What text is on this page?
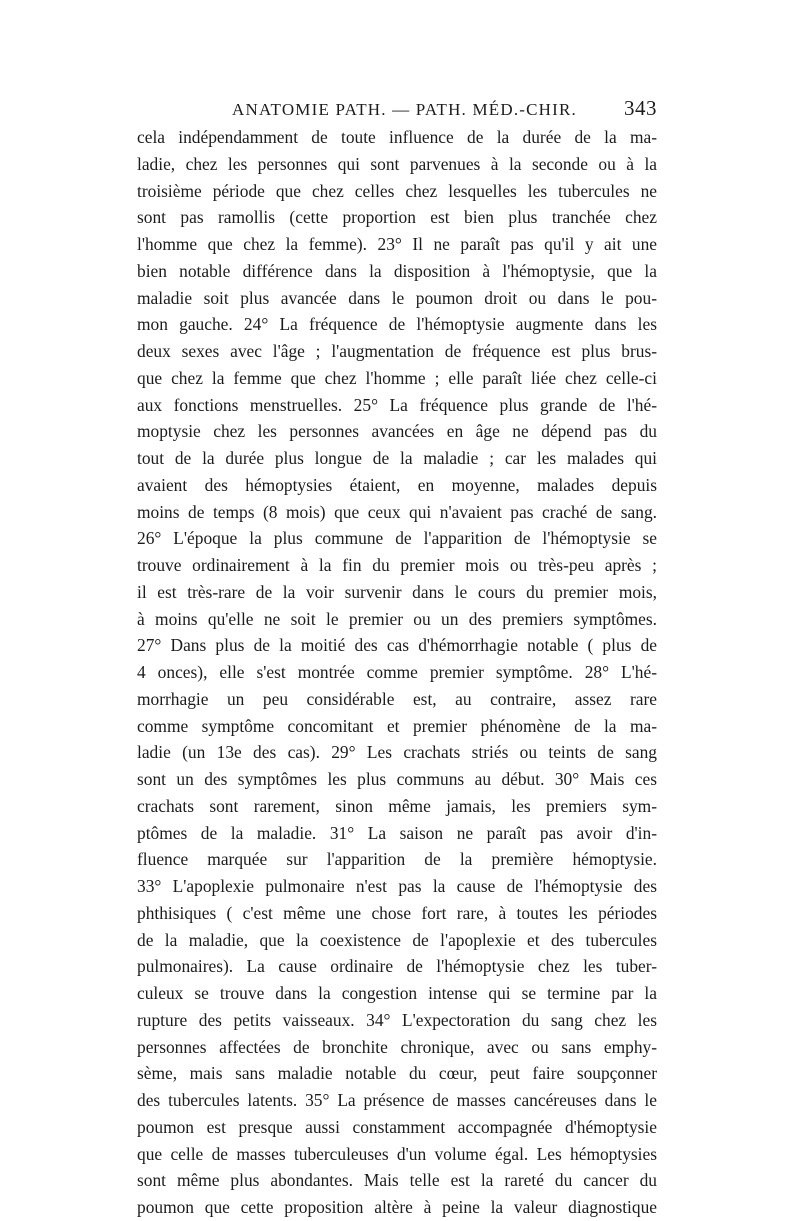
ANATOMIE PATH. — PATH. MÉD.-CHIR. 343
cela indépendamment de toute influence de la durée de la ma-
ladie, chez les personnes qui sont parvenues à la seconde ou à la
troisième période que chez celles chez lesquelles les tubercules ne
sont pas ramollis (cette proportion est bien plus tranchée chez
l'homme que chez la femme). 23° Il ne paraît pas qu'il y ait une
bien notable différence dans la disposition à l'hémoptysie, que la
maladie soit plus avancée dans le poumon droit ou dans le pou-
mon gauche. 24° La fréquence de l'hémoptysie augmente dans les
deux sexes avec l'âge ; l'augmentation de fréquence est plus brus-
que chez la femme que chez l'homme ; elle paraît liée chez celle-ci
aux fonctions menstruelles. 25° La fréquence plus grande de l'hé-
moptysie chez les personnes avancées en âge ne dépend pas du
tout de la durée plus longue de la maladie ; car les malades qui
avaient des hémoptysies étaient, en moyenne, malades depuis
moins de temps (8 mois) que ceux qui n'avaient pas craché de sang.
26° L'époque la plus commune de l'apparition de l'hémoptysie se
trouve ordinairement à la fin du premier mois ou très-peu après ;
il est très-rare de la voir survenir dans le cours du premier mois,
à moins qu'elle ne soit le premier ou un des premiers symptômes.
27° Dans plus de la moitié des cas d'hémorrhagie notable ( plus de
4 onces), elle s'est montrée comme premier symptôme. 28° L'hé-
morrhagie un peu considérable est, au contraire, assez rare
comme symptôme concomitant et premier phénomène de la ma-
ladie (un 13e des cas). 29° Les crachats striés ou teints de sang
sont un des symptômes les plus communs au début. 30° Mais ces
crachats sont rarement, sinon même jamais, les premiers sym-
ptômes de la maladie. 31° La saison ne paraît pas avoir d'in-
fluence marquée sur l'apparition de la première hémoptysie.
33° L'apoplexie pulmonaire n'est pas la cause de l'hémoptysie des
phthisiques ( c'est même une chose fort rare, à toutes les périodes
de la maladie, que la coexistence de l'apoplexie et des tubercules
pulmonaires). La cause ordinaire de l'hémoptysie chez les tuber-
culeux se trouve dans la congestion intense qui se termine par la
rupture des petits vaisseaux. 34° L'expectoration du sang chez les
personnes affectées de bronchite chronique, avec ou sans emphy-
sème, mais sans maladie notable du cœur, peut faire soupçonner
des tubercules latents. 35° La présence de masses cancéreuses dans le
poumon est presque aussi constamment accompagnée d'hémoptysie
que celle de masses tuberculeuses d'un volume égal. Les hémoptysies
sont même plus abondantes. Mais telle est la rareté du cancer du
poumon que cette proposition altère à peine la valeur diagnostique
